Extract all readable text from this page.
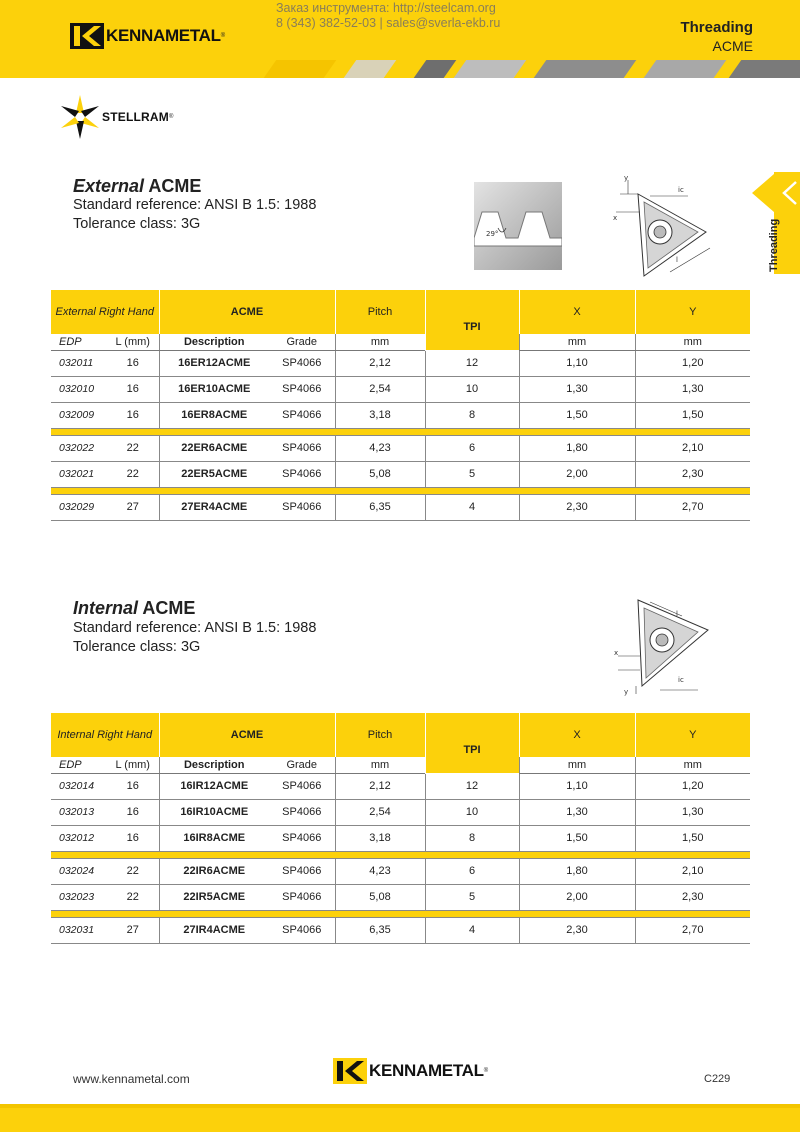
KENNAMETAL ®
Заказ инструмента: http://steelcam.org
8 (343) 382-52-03 | sales@sverla-ekb.ru	Threading
ACME
Threading
STELLRAM ®
External ACME
Standard reference: ANSI B 1.5: 1988
Tolerance class: 3G
29°
y
x
ic
l
External Right Hand		ACME		Pitch	TPI	X	Y
EDP	L (mm)	Description	Grade	mm		mm	mm
032011	16	16ER12ACME	SP4066	2,12	12	1,10	1,20
032010	16	16ER10ACME	SP4066	2,54	10	1,30	1,30
032009	16	16ER8ACME	SP4066	3,18	8	1,50	1,50

032022	22	22ER6ACME	SP4066	4,23	6	1,80	2,10
032021	22	22ER5ACME	SP4066	5,08	5	2,00	2,30

032029	27	27ER4ACME	SP4066	6,35	4	2,30	2,70
Internal ACME
Standard reference: ANSI B 1.5: 1988
Tolerance class: 3G
l
x
y
ic
Internal Right Hand		ACME		Pitch	TPI	X	Y
EDP	L (mm)	Description	Grade	mm		mm	mm
032014	16	16IR12ACME	SP4066	2,12	12	1,10	1,20
032013	16	16IR10ACME	SP4066	2,54	10	1,30	1,30
032012	16	16IR8ACME	SP4066	3,18	8	1,50	1,50

032024	22	22IR6ACME	SP4066	4,23	6	1,80	2,10
032023	22	22IR5ACME	SP4066	5,08	5	2,00	2,30

032031	27	27IR4ACME	SP4066	6,35	4	2,30	2,70
www.kennametal.com	KENNAMETAL ®
C229
